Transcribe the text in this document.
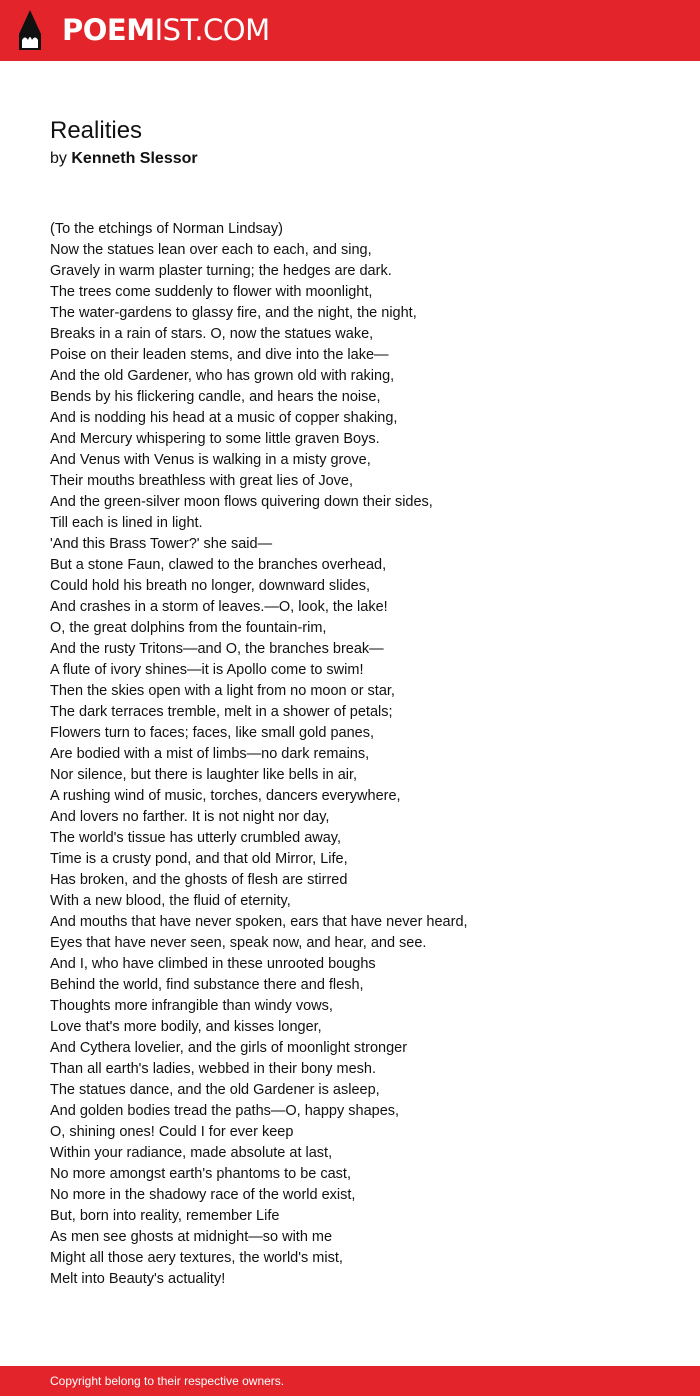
POEMIST.COM
Realities
by Kenneth Slessor
(To the etchings of Norman Lindsay)
Now the statues lean over each to each, and sing,
Gravely in warm plaster turning; the hedges are dark.
The trees come suddenly to flower with moonlight,
The water-gardens to glassy fire, and the night, the night,
Breaks in a rain of stars. O, now the statues wake,
Poise on their leaden stems, and dive into the lake—
And the old Gardener, who has grown old with raking,
Bends by his flickering candle, and hears the noise,
And is nodding his head at a music of copper shaking,
And Mercury whispering to some little graven Boys.
And Venus with Venus is walking in a misty grove,
Their mouths breathless with great lies of Jove,
And the green-silver moon flows quivering down their sides,
Till each is lined in light.
'And this Brass Tower?' she said—
But a stone Faun, clawed to the branches overhead,
Could hold his breath no longer, downward slides,
And crashes in a storm of leaves.—O, look, the lake!
O, the great dolphins from the fountain-rim,
And the rusty Tritons—and O, the branches break—
A flute of ivory shines—it is Apollo come to swim!
Then the skies open with a light from no moon or star,
The dark terraces tremble, melt in a shower of petals;
Flowers turn to faces; faces, like small gold panes,
Are bodied with a mist of limbs—no dark remains,
Nor silence, but there is laughter like bells in air,
A rushing wind of music, torches, dancers everywhere,
And lovers no farther. It is not night nor day,
The world's tissue has utterly crumbled away,
Time is a crusty pond, and that old Mirror, Life,
Has broken, and the ghosts of flesh are stirred
With a new blood, the fluid of eternity,
And mouths that have never spoken, ears that have never heard,
Eyes that have never seen, speak now, and hear, and see.
And I, who have climbed in these unrooted boughs
Behind the world, find substance there and flesh,
Thoughts more infrangible than windy vows,
Love that's more bodily, and kisses longer,
And Cythera lovelier, and the girls of moonlight stronger
Than all earth's ladies, webbed in their bony mesh.
The statues dance, and the old Gardener is asleep,
And golden bodies tread the paths—O, happy shapes,
O, shining ones! Could I for ever keep
Within your radiance, made absolute at last,
No more amongst earth's phantoms to be cast,
No more in the shadowy race of the world exist,
But, born into reality, remember Life
As men see ghosts at midnight—so with me
Might all those aery textures, the world's mist,
Melt into Beauty's actuality!
Copyright belong to their respective owners.
